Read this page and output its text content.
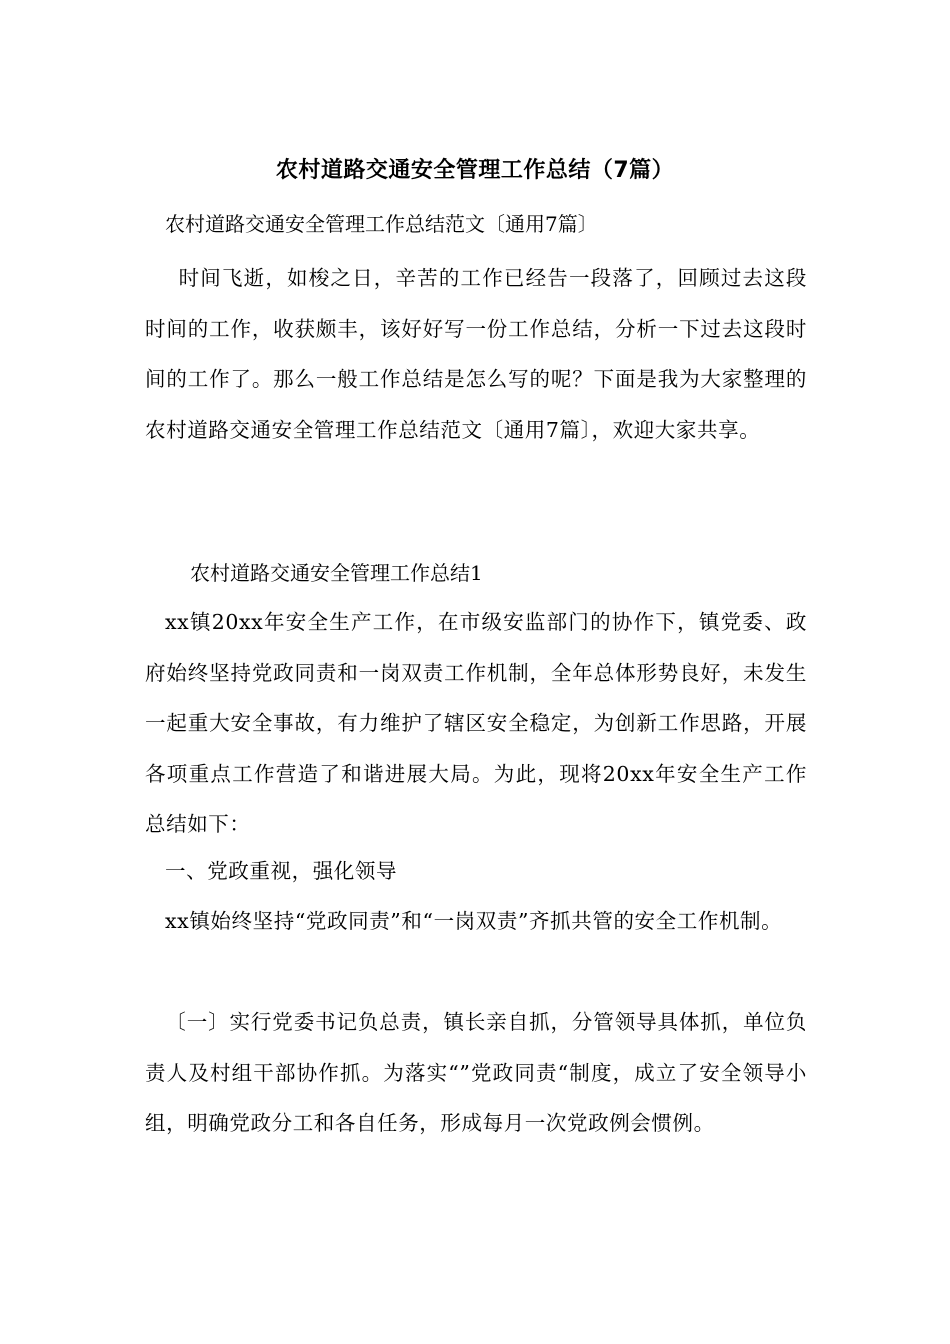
农村道路交通安全管理工作总结（7篇）

农村道路交通安全管理工作总结范文〔通用7篇〕

时间飞逝，如梭之日，辛苦的工作已经告一段落了，回顾过去这段时间的工作，收获颇丰，该好好写一份工作总结，分析一下过去这段时间的工作了。那么一般工作总结是怎么写的呢？下面是我为大家整理的农村道路交通安全管理工作总结范文〔通用7篇〕，欢迎大家共享。

农村道路交通安全管理工作总结1

xx镇20xx年安全生产工作，在市级安监部门的协作下，镇党委、政府始终坚持党政同责和一岗双责工作机制，全年总体形势良好，未发生一起重大安全事故，有力维护了辖区安全稳定，为创新工作思路，开展各项重点工作营造了和谐进展大局。为此，现将20xx年安全生产工作总结如下：

一、党政重视，强化领导

xx镇始终坚持“党政同责”和“一岗双责”齐抓共管的安全工作机制。

〔一〕实行党委书记负总责，镇长亲自抓，分管领导具体抓，单位负责人及村组干部协作抓。为落实“”党政同责“制度，成立了安全领导小组，明确党政分工和各自任务，形成每月一次党政例会惯例。
